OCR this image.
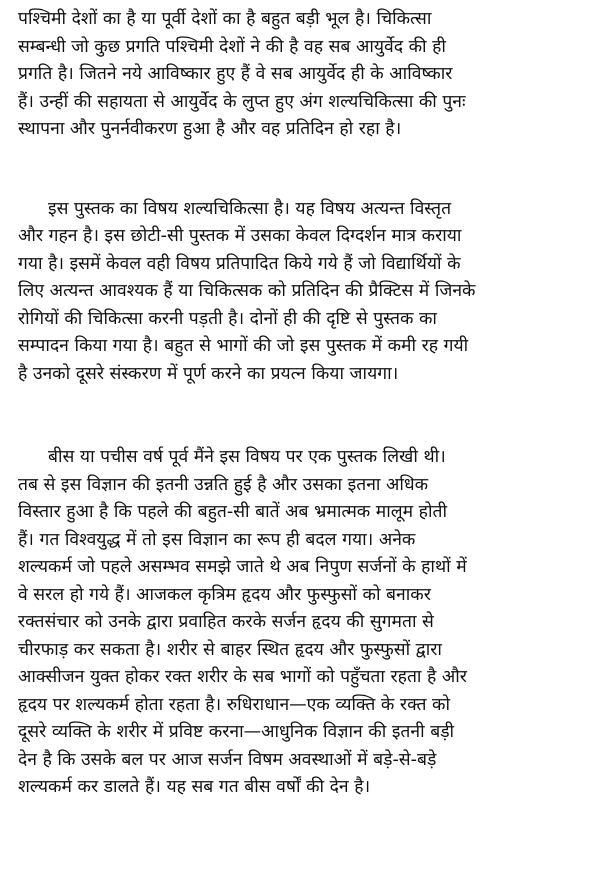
पश्चिमी देशों का है या पूर्वी देशों का है बहुत बड़ी भूल है। चिकित्सा
सम्बन्धी जो कुछ प्रगति पश्चिमी देशों ने की है वह सब आयुर्वेद की ही
प्रगति है। जितने नये आविष्कार हुए हैं वे सब आयुर्वेद ही के आविष्कार
हैं। उन्हीं की सहायता से आयुर्वेद के लुप्त हुए अंग शल्यचिकित्सा की पुनः
स्थापना और पुनर्नवीकरण हुआ है और वह प्रतिदिन हो रहा है।
इस पुस्तक का विषय शल्यचिकित्सा है। यह विषय अत्यन्त विस्तृत
और गहन है। इस छोटी-सी पुस्तक में उसका केवल दिग्दर्शन मात्र कराया
गया है। इसमें केवल वही विषय प्रतिपादित किये गये हैं जो विद्यार्थियों के
लिए अत्यन्त आवश्यक हैं या चिकित्सक को प्रतिदिन की प्रैक्टिस में जिनके
रोगियों की चिकित्सा करनी पड़ती है। दोनों ही की दृष्टि से पुस्तक का
सम्पादन किया गया है। बहुत से भागों की जो इस पुस्तक में कमी रह गयी
है उनको दूसरे संस्करण में पूर्ण करने का प्रयत्न किया जायगा।
बीस या पचीस वर्ष पूर्व मैंने इस विषय पर एक पुस्तक लिखी थी।
तब से इस विज्ञान की इतनी उन्नति हुई है और उसका इतना अधिक
विस्तार हुआ है कि पहले की बहुत-सी बातें अब भ्रमात्मक मालूम होती
हैं। गत विश्वयुद्ध में तो इस विज्ञान का रूप ही बदल गया। अनेक
शल्यकर्म जो पहले असम्भव समझे जाते थे अब निपुण सर्जनों के हाथों में
वे सरल हो गये हैं। आजकल कृत्रिम हृदय और फुस्फुसों को बनाकर
रक्तसंचार को उनके द्वारा प्रवाहित करके सर्जन हृदय की सुगमता से
चीरफाड़ कर सकता है। शरीर से बाहर स्थित हृदय और फुस्फुसों द्वारा
आक्सीजन युक्त होकर रक्त शरीर के सब भागों को पहुँचता रहता है और
हृदय पर शल्यकर्म होता रहता है। रुधिराधान—एक व्यक्ति के रक्त को
दूसरे व्यक्ति के शरीर में प्रविष्ट करना—आधुनिक विज्ञान की इतनी बड़ी
देन है कि उसके बल पर आज सर्जन विषम अवस्थाओं में बड़े-से-बड़े
शल्यकर्म कर डालते हैं। यह सब गत बीस वर्षों की देन है।
